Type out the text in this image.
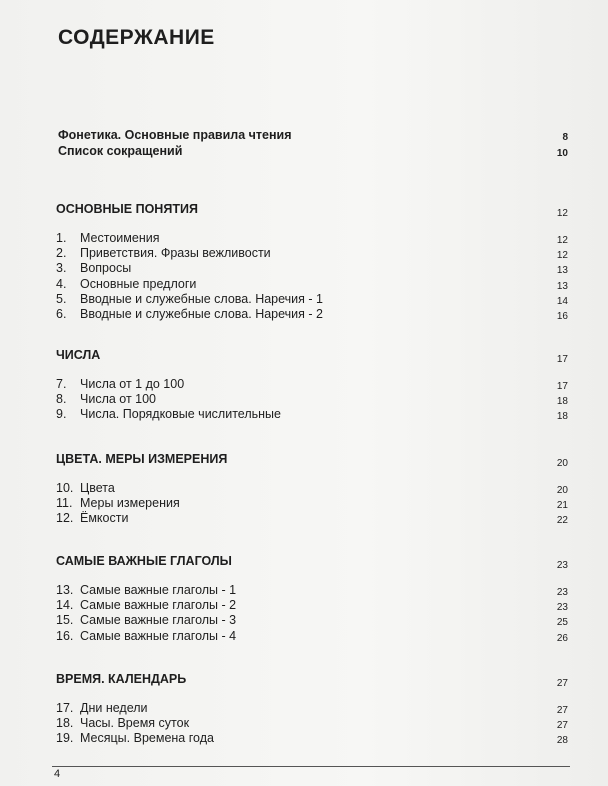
СОДЕРЖАНИЕ
Фонетика. Основные правила чтения	8
Список сокращений	10
ОСНОВНЫЕ ПОНЯТИЯ	12
1. Местоимения	12
2. Приветствия. Фразы вежливости	12
3. Вопросы	13
4. Основные предлоги	13
5. Вводные и служебные слова. Наречия - 1	14
6. Вводные и служебные слова. Наречия - 2	16
ЧИСЛА	17
7. Числа от 1 до 100	17
8. Числа от 100	18
9. Числа. Порядковые числительные	18
ЦВЕТА. МЕРЫ ИЗМЕРЕНИЯ	20
10. Цвета	20
11. Меры измерения	21
12. Ёмкости	22
САМЫЕ ВАЖНЫЕ ГЛАГОЛЫ	23
13. Самые важные глаголы - 1	23
14. Самые важные глаголы - 2	23
15. Самые важные глаголы - 3	25
16. Самые важные глаголы - 4	26
ВРЕМЯ. КАЛЕНДАРЬ	27
17. Дни недели	27
18. Часы. Время суток	27
19. Месяцы. Времена года	28
4
